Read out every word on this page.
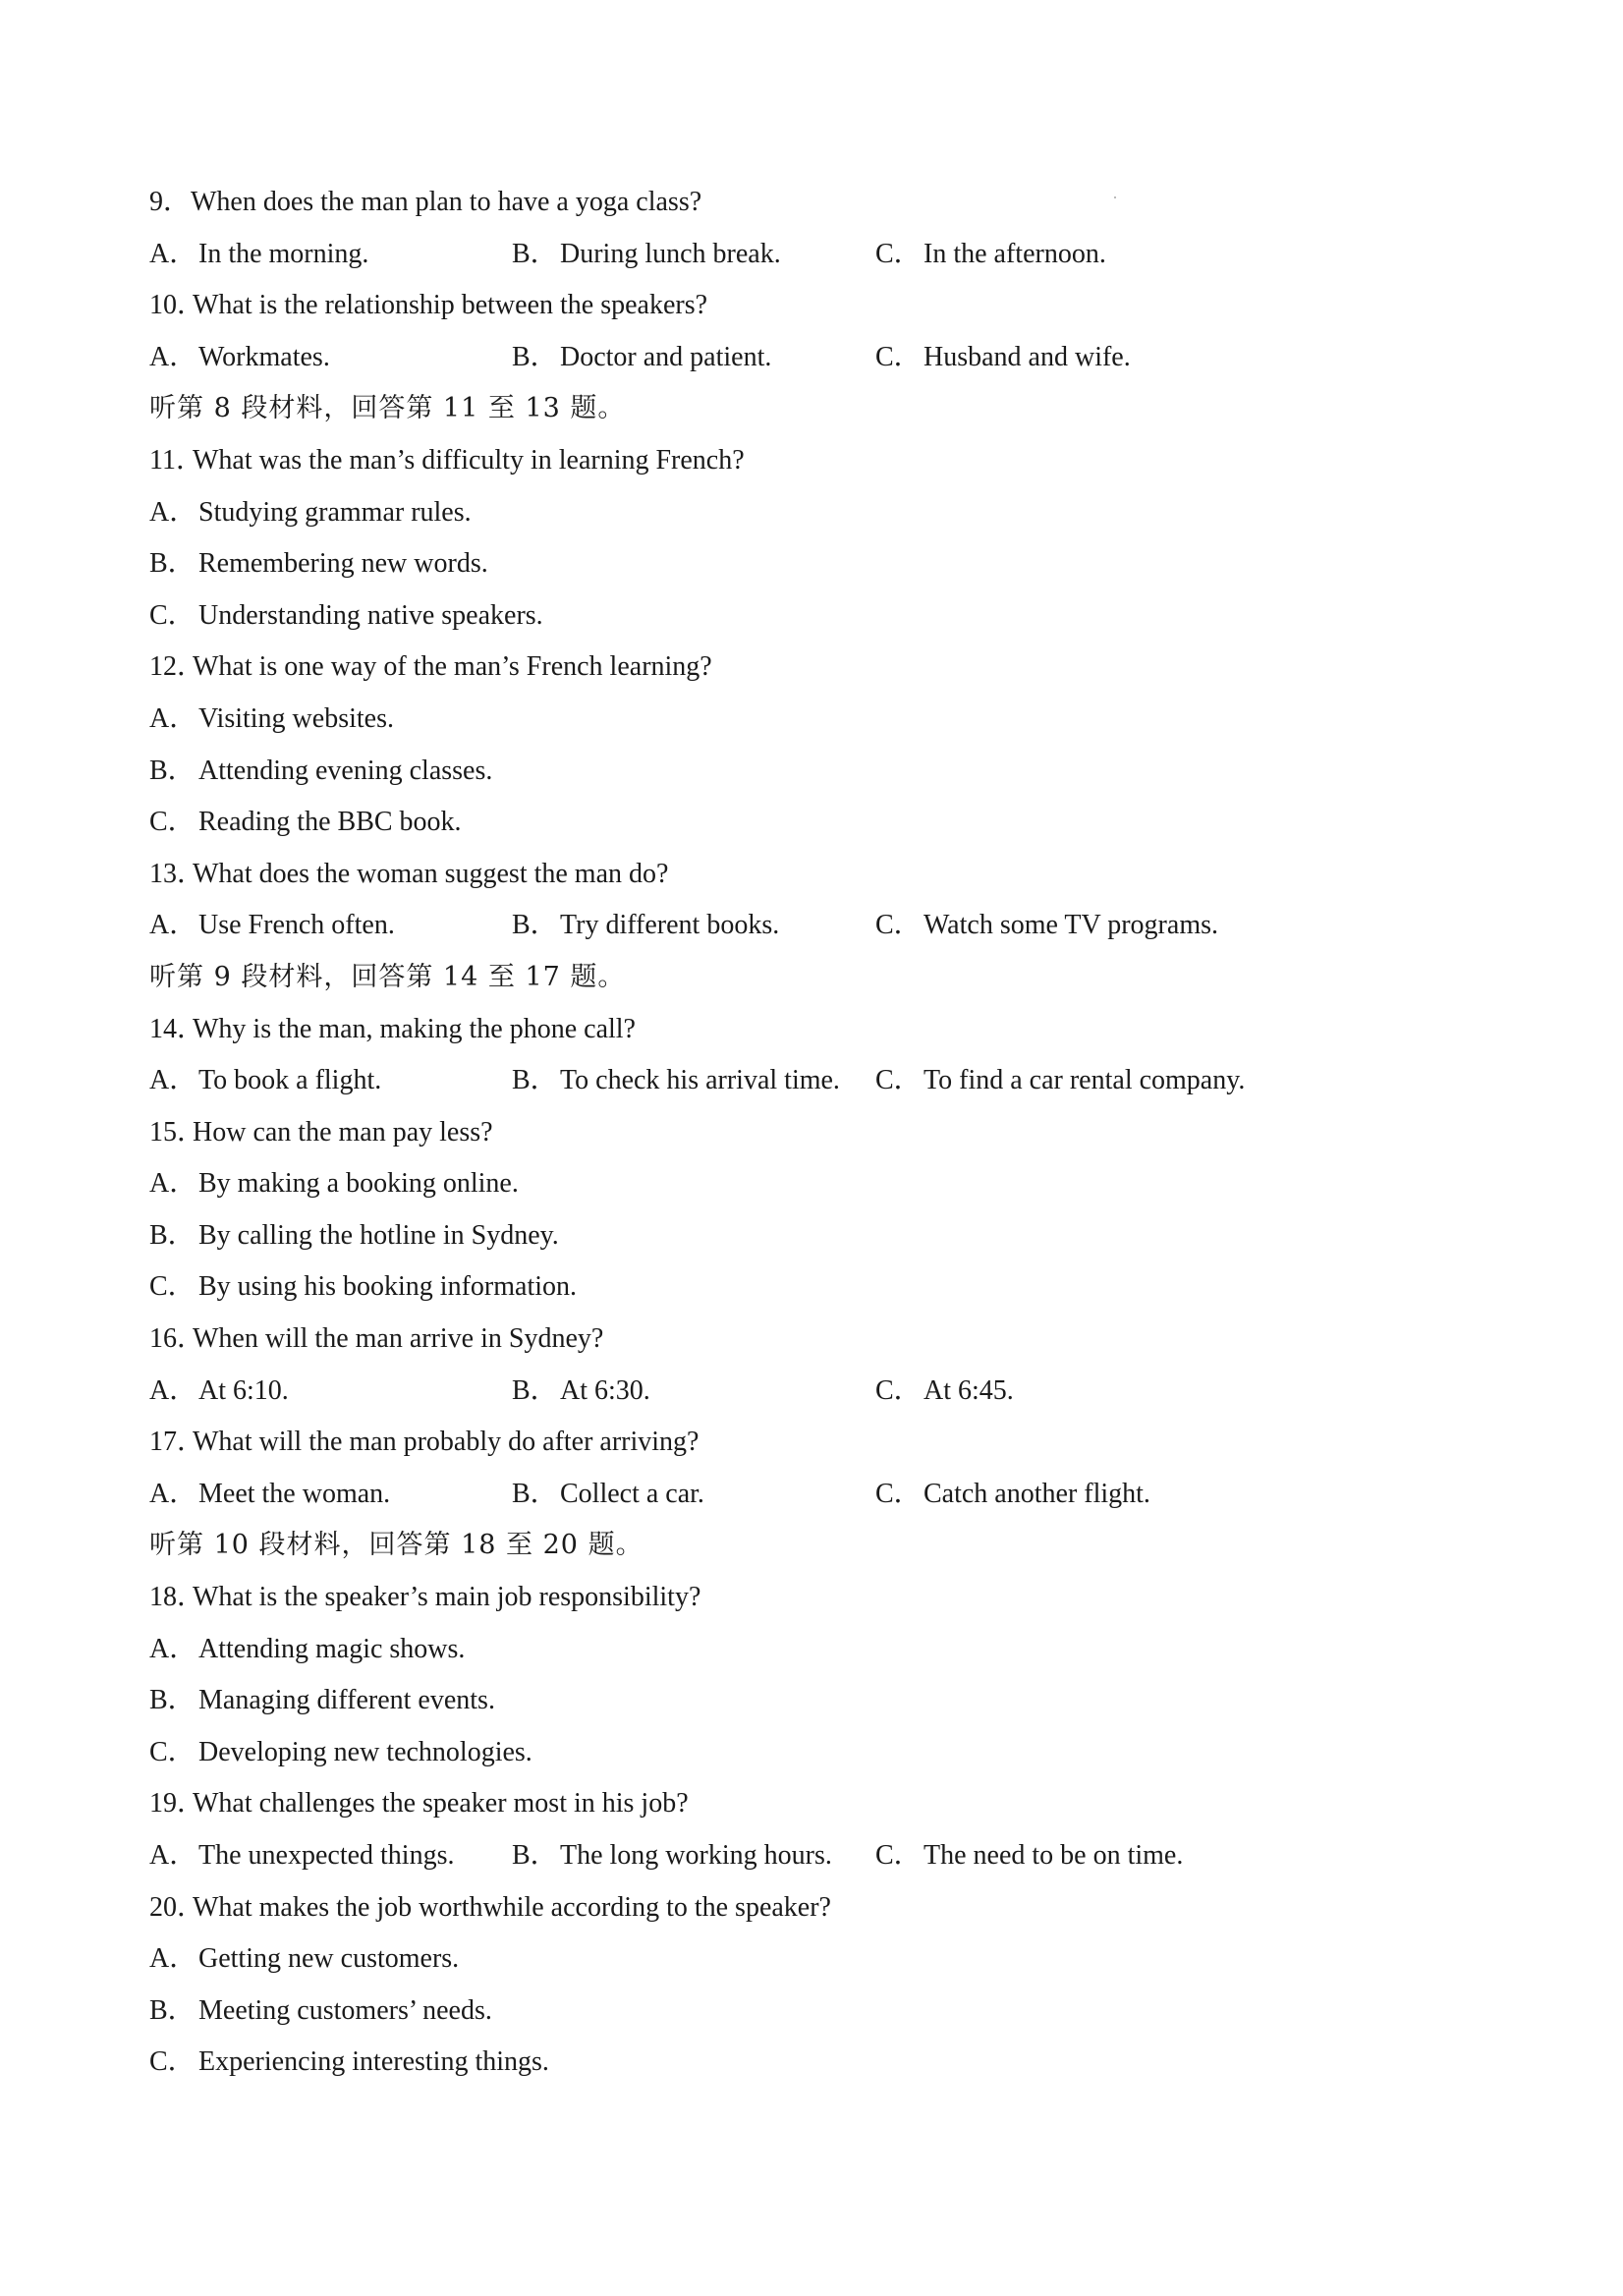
9． When does the man plan to have a yoga class?
A． In the morning.	B． During lunch break.	C． In the afternoon.
10．
What is the relationship between the speakers?
A． Workmates.	B． Doctor and patient.	C． Husband and wife.
听第 8 段材料，回答第 11 至 13 题。
11．
What was the man’s difficulty in learning French?
A． Studying grammar rules.
B． Remembering new words.
C． Understanding native speakers.
12．
What is one way of the man’s French learning?
A． Visiting websites.
B． Attending evening classes.
C． Reading the BBC book.
13．
What does the woman suggest the man do?
A． Use French often.	B． Try different books.	C． Watch some TV programs.
听第 9 段材料，回答第 14 至 17 题。
14．
Why is the man, making the phone call?
A． To book a flight.	B． To check his arrival time. C． To find a car rental company.
15．
How can the man pay less?
A． By making a booking online.
B． By calling the hotline in Sydney.
C． By using his booking information.
16．
When will the man arrive in Sydney?
A． At 6:10.	B． At 6:30.	C． At 6:45.
17．
What will the man probably do after arriving?
A． Meet the woman.	B． Collect a car.	C． Catch another flight.
听第 10 段材料，回答第 18 至 20 题。
18．
What is the speaker’s main job responsibility?
A． Attending magic shows.
B． Managing different events.
C． Developing new technologies.
19．
What challenges the speaker most in his job?
A． The unexpected things. B． The long working hours. C． The need to be on time.
20．
What makes the job worthwhile according to the speaker?
A． Getting new customers.
B． Meeting customers’ needs.
C． Experiencing interesting things.
